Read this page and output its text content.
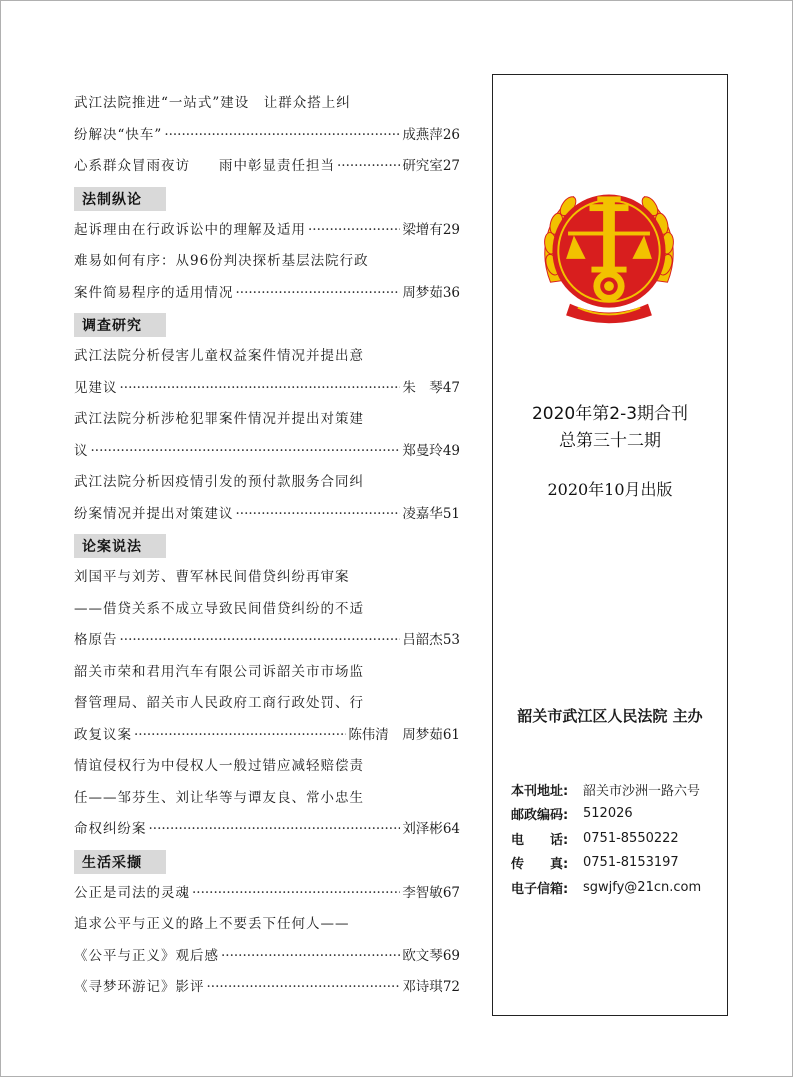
武江法院推进“一站式”建设　让群众搭上纠
纷解决“快车” ·····	成燕萍 26
心系群众冒雨夜访　　雨中彰显责任担当 ·····	研究室 27
法制纵论
起诉理由在行政诉讼中的理解及适用 ·····	梁增有 29
难易如何有序：从96份判决探析基层法院行政
案件简易程序的适用情况 ·····	周梦茹 36
调查研究
武江法院分析侵害儿童权益案件情况并提出意
见建议 ·····	朱　琴 47
武江法院分析涉枪犯罪案件情况并提出对策建
议 ·····	郑曼玲 49
武江法院分析因疫情引发的预付款服务合同纠
纷案情况并提出对策建议 ·····	凌嘉华 51
论案说法
刘国平与刘芳、曹军林民间借贷纠纷再审案
——借贷关系不成立导致民间借贷纠纷的不适
格原告 ·····	吕韶杰 53
韶关市荣和君用汽车有限公司诉韶关市市场监
督管理局、韶关市人民政府工商行政处罚、行
政复议案 ·····	陈伟清　周梦茹 61
情谊侵权行为中侵权人一般过错应减轻赔偿责
任——邹芬生、刘让华等与谭友良、常小忠生
命权纠纷案 ·····	刘泽彬 64
生活采撷
公正是司法的灵魂 ·····	李智敏 67
追求公平与正义的路上不要丢下任何人——
《公平与正义》观后感 ·····	欧文琴 69
《寻梦环游记》影评 ·····	邓诗琪 72
2020年第2-3期合刊
总第三十二期
2020年10月出版
韶关市武江区人民法院 主办
本刊地址:	韶关市沙洲一路六号
邮政编码:	512026
电　　话:	0751-8550222
传　　真:	0751-8153197
电子信箱:	sgwjfy@21cn.com
